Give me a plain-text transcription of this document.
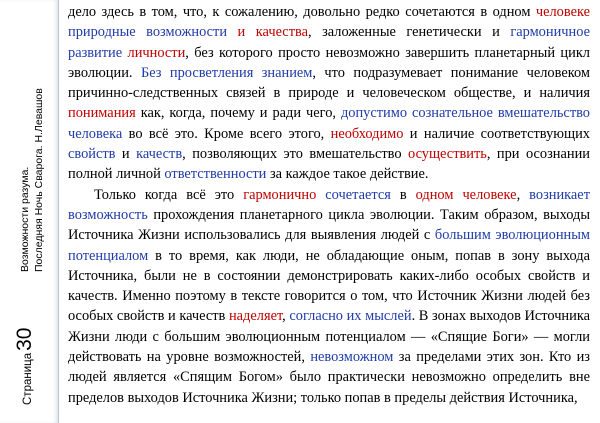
Возможности разума. Последняя Ночь Сварога. Н.Левашов
Страница
30

дело здесь в том, что, к сожалению, довольно редко сочетаются в одном человеке природные возможности и качества, заложенные генетически и гармоничное развитие личности, без которого просто невозможно завершить планетарный цикл эволюции. Без просветления знанием, что подразумевает понимание человеком причинно-следственных связей в природе и человеческом обществе, и наличия понимания как, когда, почему и ради чего, допустимо сознательное вмешательство человека во всё это. Кроме всего этого, необходимо и наличие соответствующих свойств и качеств, позволяющих это вмешательство осуществить, при осознании полной личной ответственности за каждое такое действие.

Только когда всё это гармонично сочетается в одном человеке, возникает возможность прохождения планетарного цикла эволюции. Таким образом, выходы Источника Жизни использовались для выявления людей с большим эволюционным потенциалом в то время, как люди, не обладающие оным, попав в зону выхода Источника, были не в состоянии демонстрировать каких-либо особых свойств и качеств. Именно поэтому в тексте говорится о том, что Источник Жизни людей без особых свойств и качеств наделяет, согласно их мыслей. В зонах выходов Источника Жизни люди с большим эволюционным потенциалом — «Спящие Боги» — могли действовать на уровне возможностей, невозможном за пределами этих зон. Кто из людей является «Спящим Богом» было практически невозможно определить вне пределов выходов Источника Жизни; только попав в пределы действия Источника,
